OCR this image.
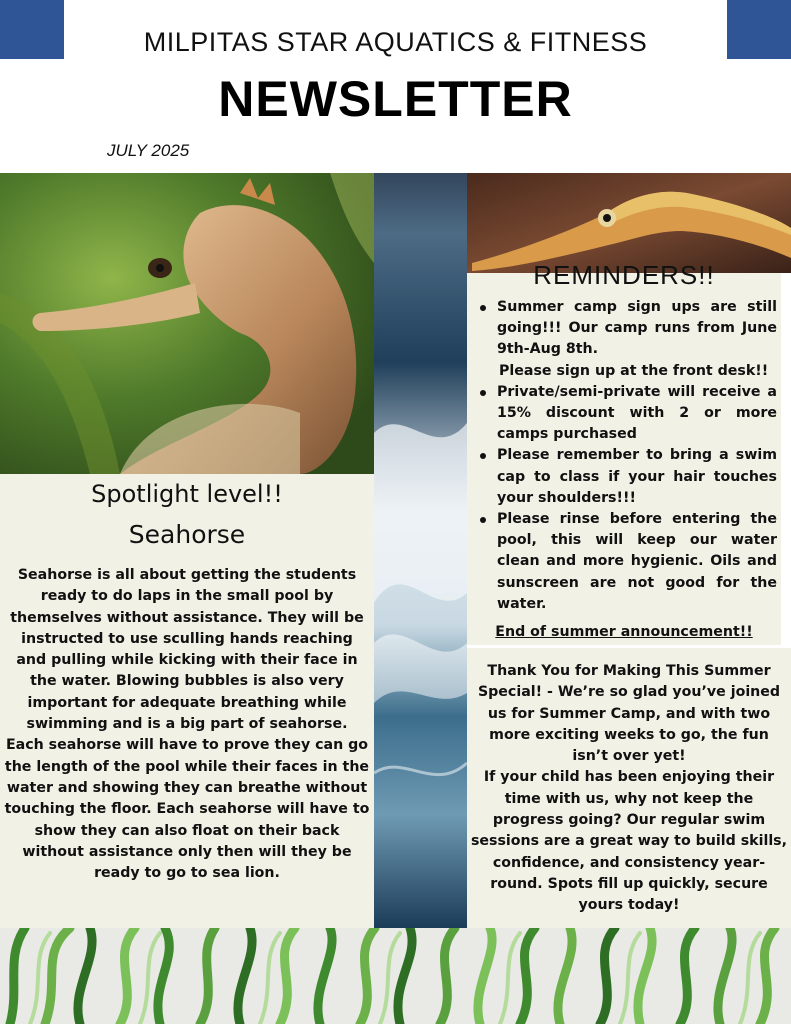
MILPITAS STAR AQUATICS & FITNESS
NEWSLETTER
JULY 2025
Spotlight level!!
Seahorse

Seahorse is all about getting the students ready to do laps in the small pool by themselves without assistance. They will be instructed to use sculling hands reaching and pulling while kicking with their face in the water. Blowing bubbles is also very important for adequate breathing while swimming and is a big part of seahorse.

Each seahorse will have to prove they can go the length of the pool while their faces in the water and showing they can breathe without touching the floor. Each seahorse will have to show they can also float on their back without assistance only then will they be ready to go to sea lion.

REMINDERS!!
Summer camp sign ups are still going!!! Our camp runs from June 9th-Aug 8th.
Please sign up at the front desk!!
Private/semi-private will receive a 15% discount with 2 or more camps purchased
Please remember to bring a swim cap to class if your hair touches your shoulders!!!
Please rinse before entering the pool, this will keep our water clean and more hygienic. Oils and sunscreen are not good for the water.
End of summer announcement!!

Thank You for Making This Summer Special! - We’re so glad you’ve joined us for Summer Camp, and with two more exciting weeks to go, the fun isn’t over yet!

If your child has been enjoying their time with us, why not keep the progress going? Our regular swim sessions are a great way to build skills, confidence, and consistency year-round. Spots fill up quickly, secure yours today!
